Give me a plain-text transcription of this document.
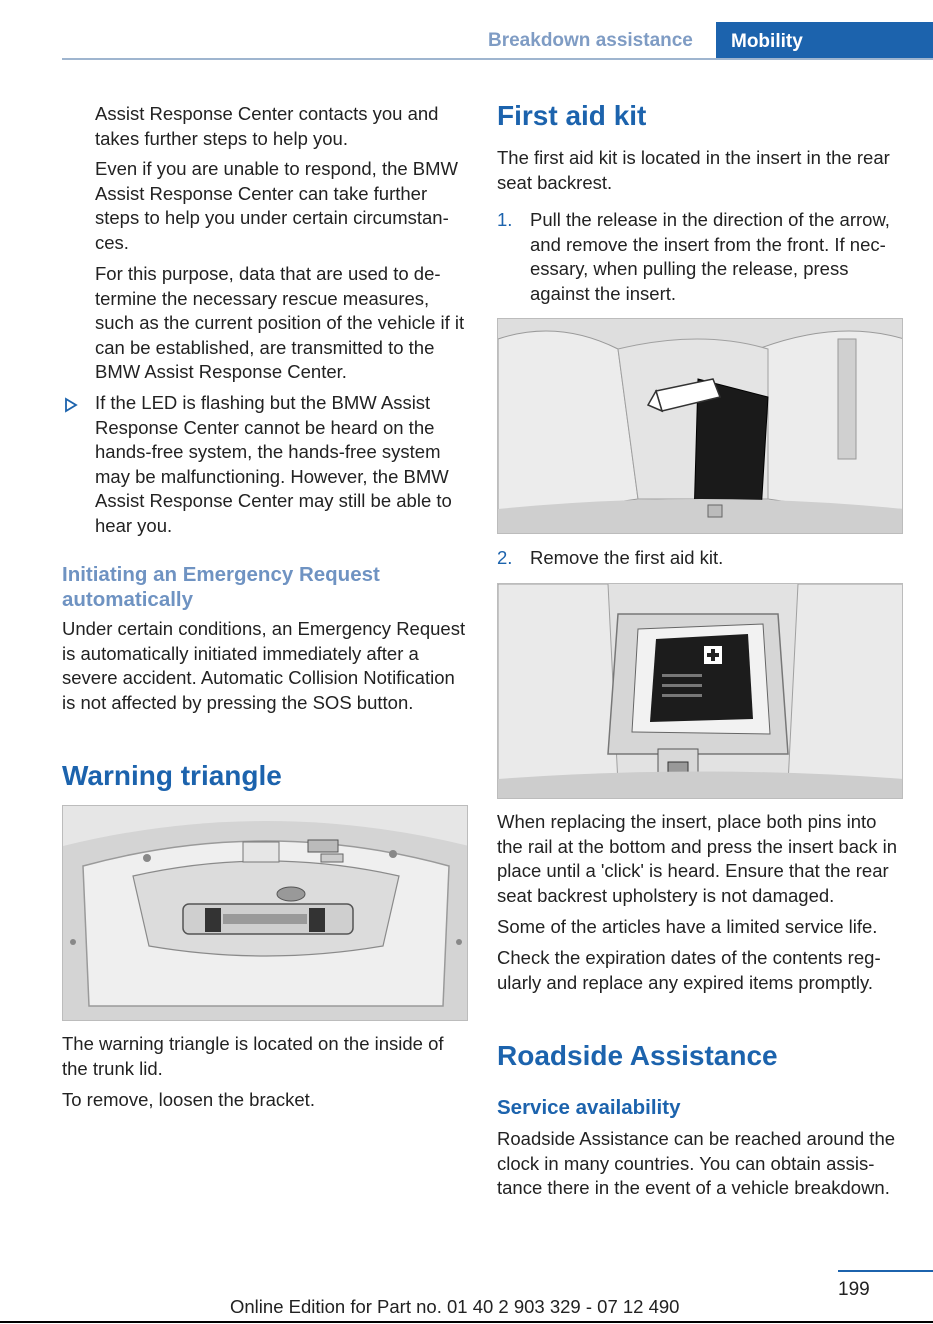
Breakdown assistance Mobility

Assist Response Center contacts you and takes further steps to help you.

Even if you are unable to respond, the BMW Assist Response Center can take further steps to help you under certain circumstances.

For this purpose, data that are used to determine the necessary rescue measures, such as the current position of the vehicle if it can be established, are transmitted to the BMW Assist Response Center.

If the LED is flashing but the BMW Assist Response Center cannot be heard on the hands-free system, the hands-free system may be malfunctioning. However, the BMW Assist Response Center may still be able to hear you.

Initiating an Emergency Request automatically

Under certain conditions, an Emergency Request is automatically initiated immediately after a severe accident. Automatic Collision Notification is not affected by pressing the SOS button.

Warning triangle

The warning triangle is located on the inside of the trunk lid.

To remove, loosen the bracket.

First aid kit

The first aid kit is located in the insert in the rear seat backrest.

1. Pull the release in the direction of the arrow, and remove the insert from the front. If necessary, when pulling the release, press against the insert.

2. Remove the first aid kit.

When replacing the insert, place both pins into the rail at the bottom and press the insert back in place until a 'click' is heard. Ensure that the rear seat backrest upholstery is not damaged.

Some of the articles have a limited service life.

Check the expiration dates of the contents regularly and replace any expired items promptly.

Roadside Assistance
Service availability

Roadside Assistance can be reached around the clock in many countries. You can obtain assistance there in the event of a vehicle breakdown.

199
Online Edition for Part no. 01 40 2 903 329 - 07 12 490
